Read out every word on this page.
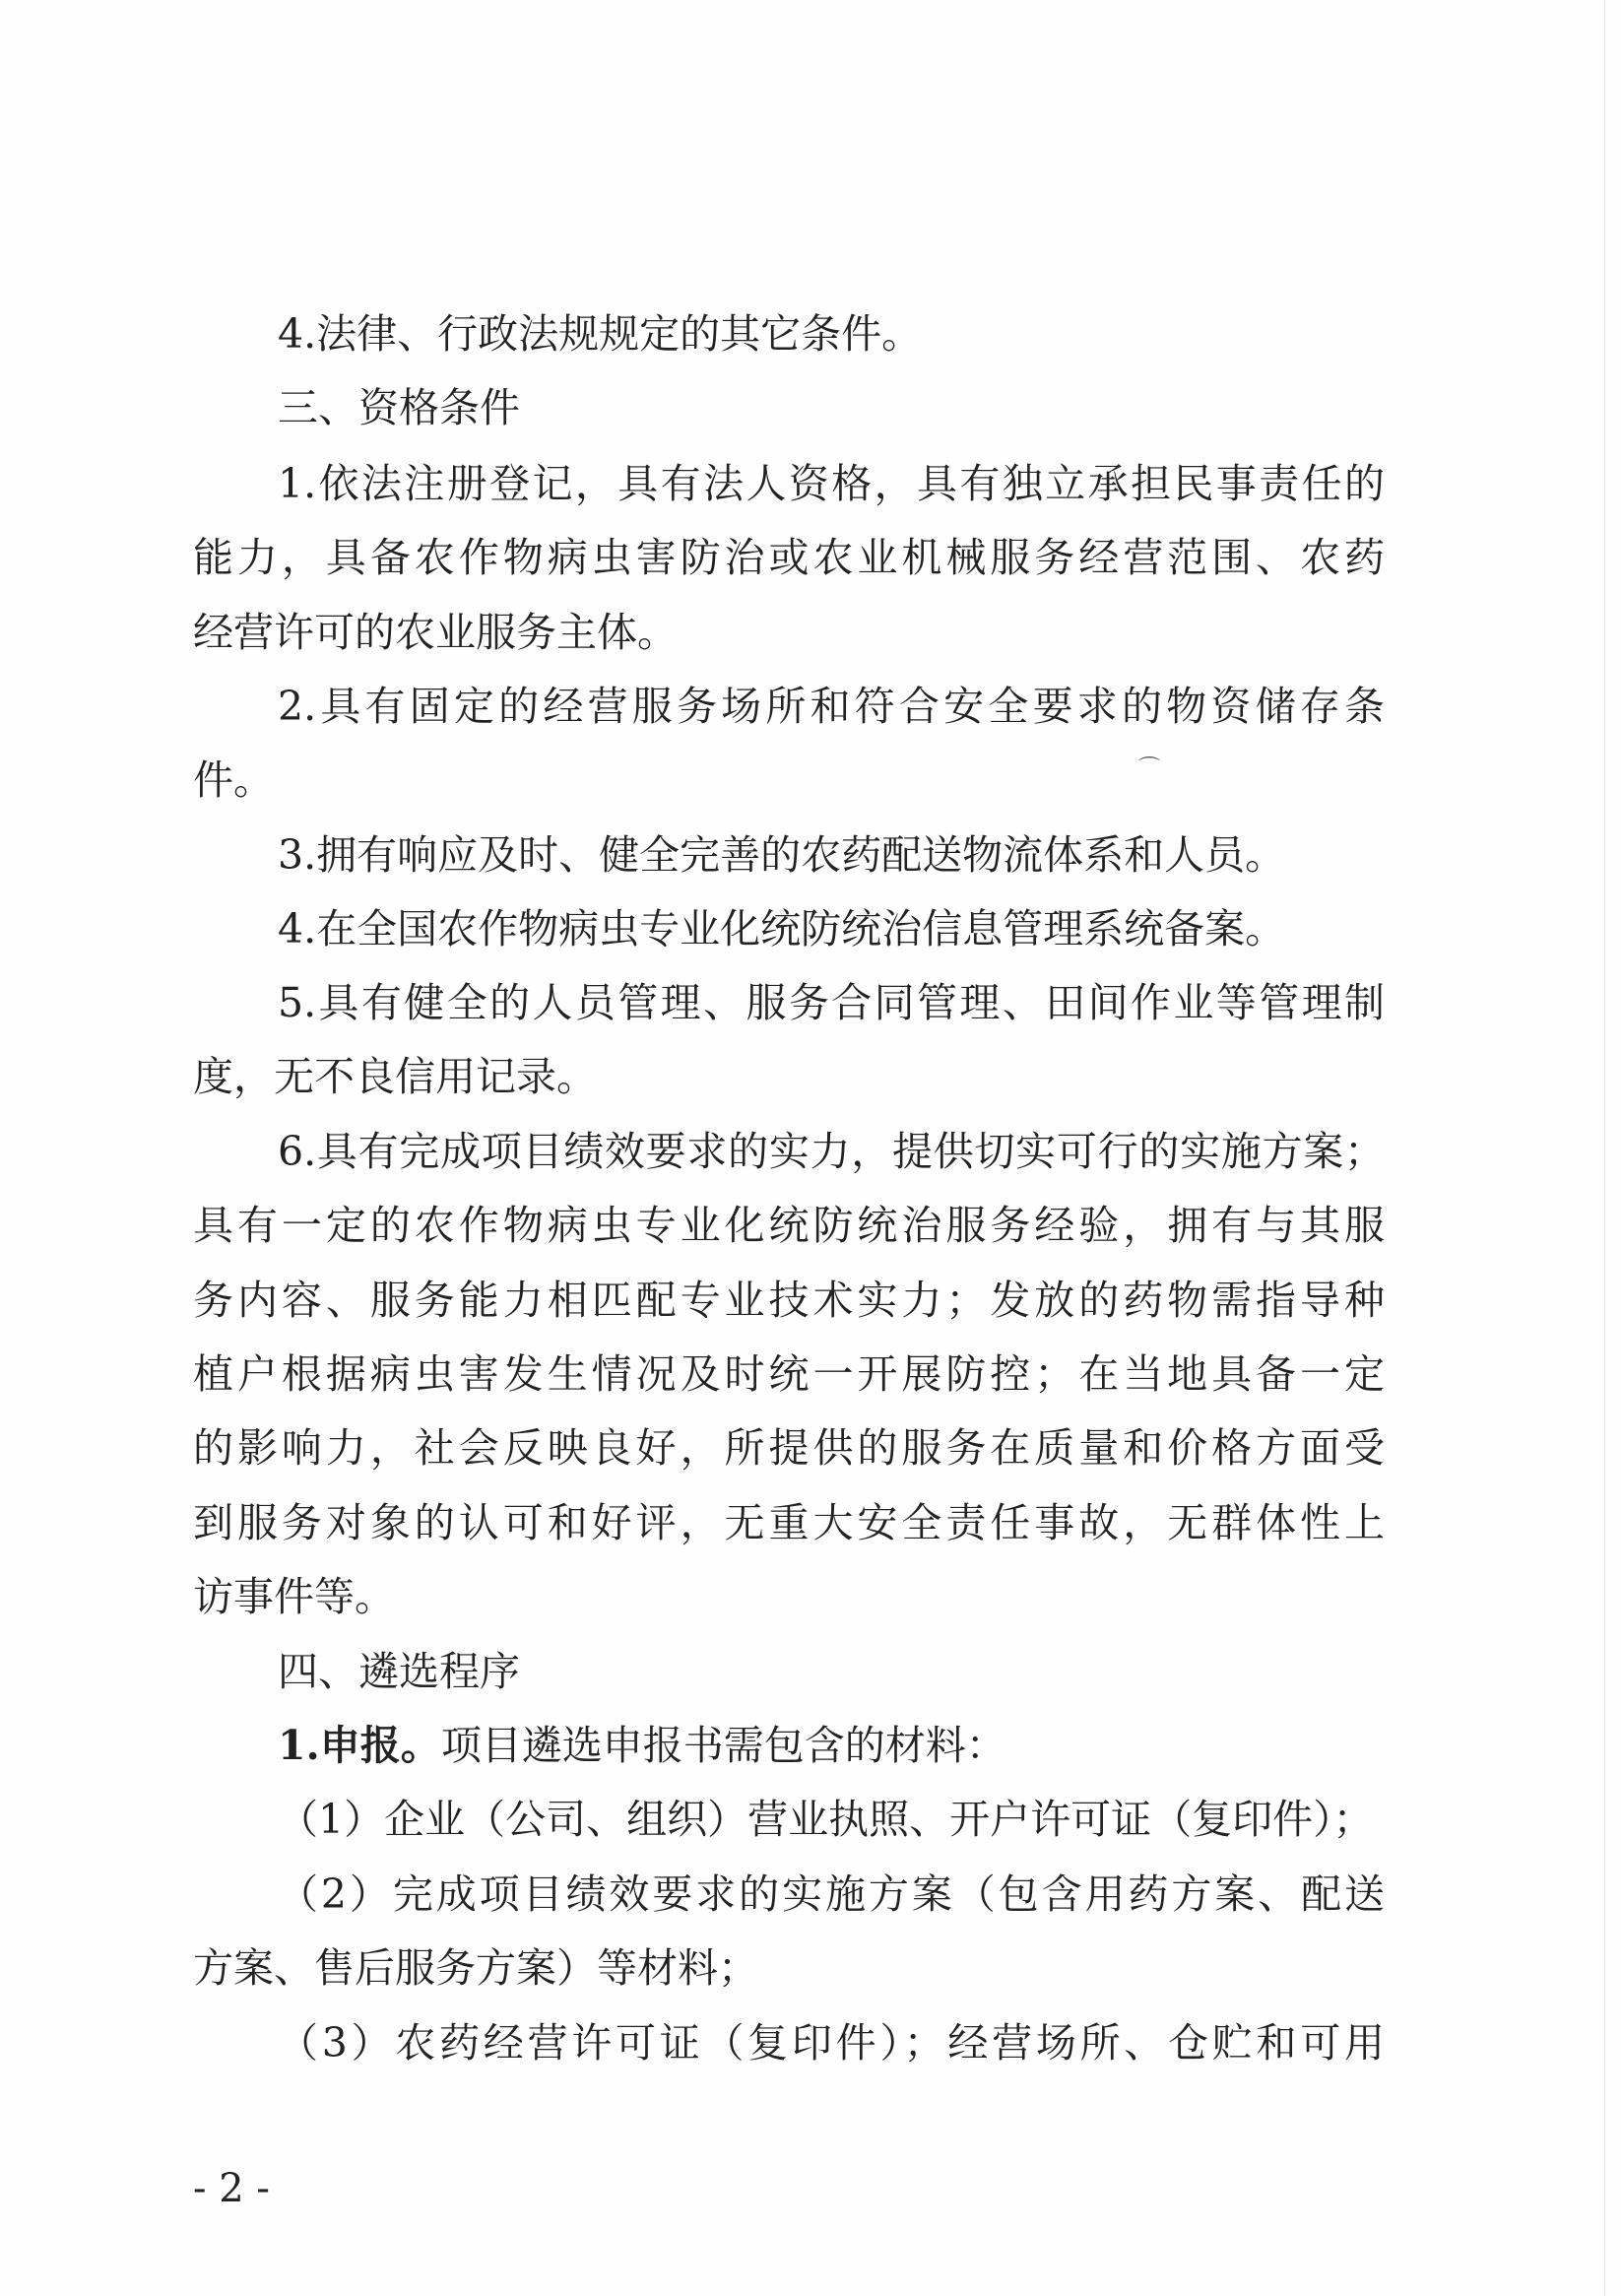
4.法律、行政法规规定的其它条件。
三、资格条件
1.依法注册登记，具有法人资格，具有独立承担民事责任的
能力，具备农作物病虫害防治或农业机械服务经营范围、农药
经营许可的农业服务主体。
2.具有固定的经营服务场所和符合安全要求的物资储存条
件。	⌒
3.拥有响应及时、健全完善的农药配送物流体系和人员。
4.在全国农作物病虫专业化统防统治信息管理系统备案。
5.具有健全的人员管理、服务合同管理、田间作业等管理制
度，无不良信用记录。
6.具有完成项目绩效要求的实力，提供切实可行的实施方案；
具有一定的农作物病虫专业化统防统治服务经验，拥有与其服
务内容、服务能力相匹配专业技术实力；发放的药物需指导种
植户根据病虫害发生情况及时统一开展防控；在当地具备一定
的影响力，社会反映良好，所提供的服务在质量和价格方面受
到服务对象的认可和好评，无重大安全责任事故，无群体性上
访事件等。
四、遴选程序
1.申报。项目遴选申报书需包含的材料：
（1）企业（公司、组织）营业执照、开户许可证（复印件）；
（2）完成项目绩效要求的实施方案（包含用药方案、配送
方案、售后服务方案）等材料；
（3）农药经营许可证（复印件）；经营场所、仓贮和可用
- 2 -
